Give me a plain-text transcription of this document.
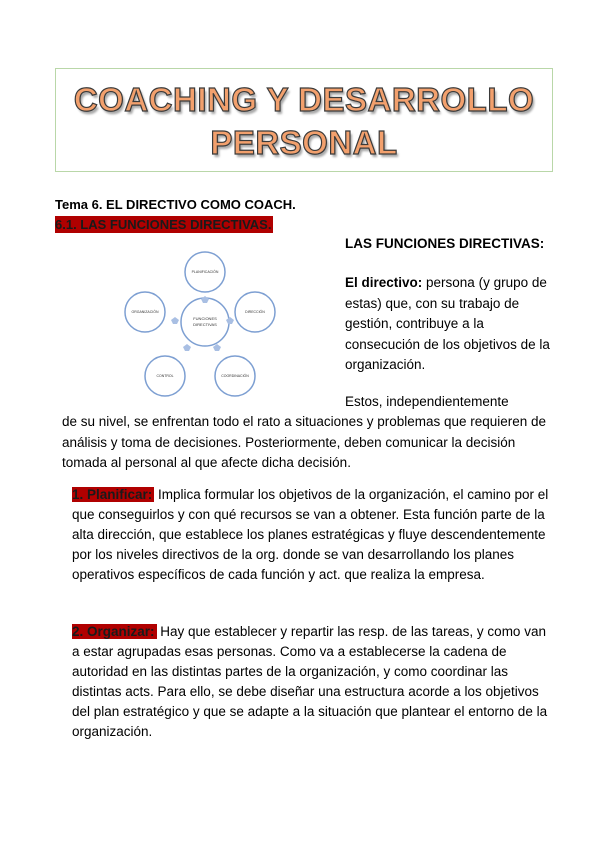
COACHING Y DESARROLLO
PERSONAL
Tema 6. EL DIRECTIVO COMO COACH.
6.1. LAS FUNCIONES DIRECTIVAS.
FUNCIONES
DIRECTIVAS
PLANIFICACIÓN
DIRECCIÓN
COORDINACIÓN
CONTROL
ORGANIZACIÓN
LAS FUNCIONES DIRECTIVAS:
El directivo: persona (y grupo de estas) que, con su trabajo de gestión, contribuye a la consecución de los objetivos de la organización.
Estos, independientemente
de su nivel, se enfrentan todo el rato a situaciones y problemas que requieren de análisis y toma de decisiones. Posteriormente, deben comunicar la decisión tomada al personal al que afecte dicha decisión.
1. Planificar: Implica formular los objetivos de la organización, el camino por el que conseguirlos y con qué recursos se van a obtener. Esta función parte de la alta dirección, que establece los planes estratégicas y fluye descendentemente por los niveles directivos de la org. donde se van desarrollando los planes operativos específicos de cada función y act. que realiza la empresa.
2. Organizar: Hay que establecer y repartir las resp. de las tareas, y como van a estar agrupadas esas personas. Como va a establecerse la cadena de autoridad en las distintas partes de la organización, y como coordinar las distintas acts. Para ello, se debe diseñar una estructura acorde a los objetivos del plan estratégico y que se adapte a la situación que plantear el entorno de la organización.
